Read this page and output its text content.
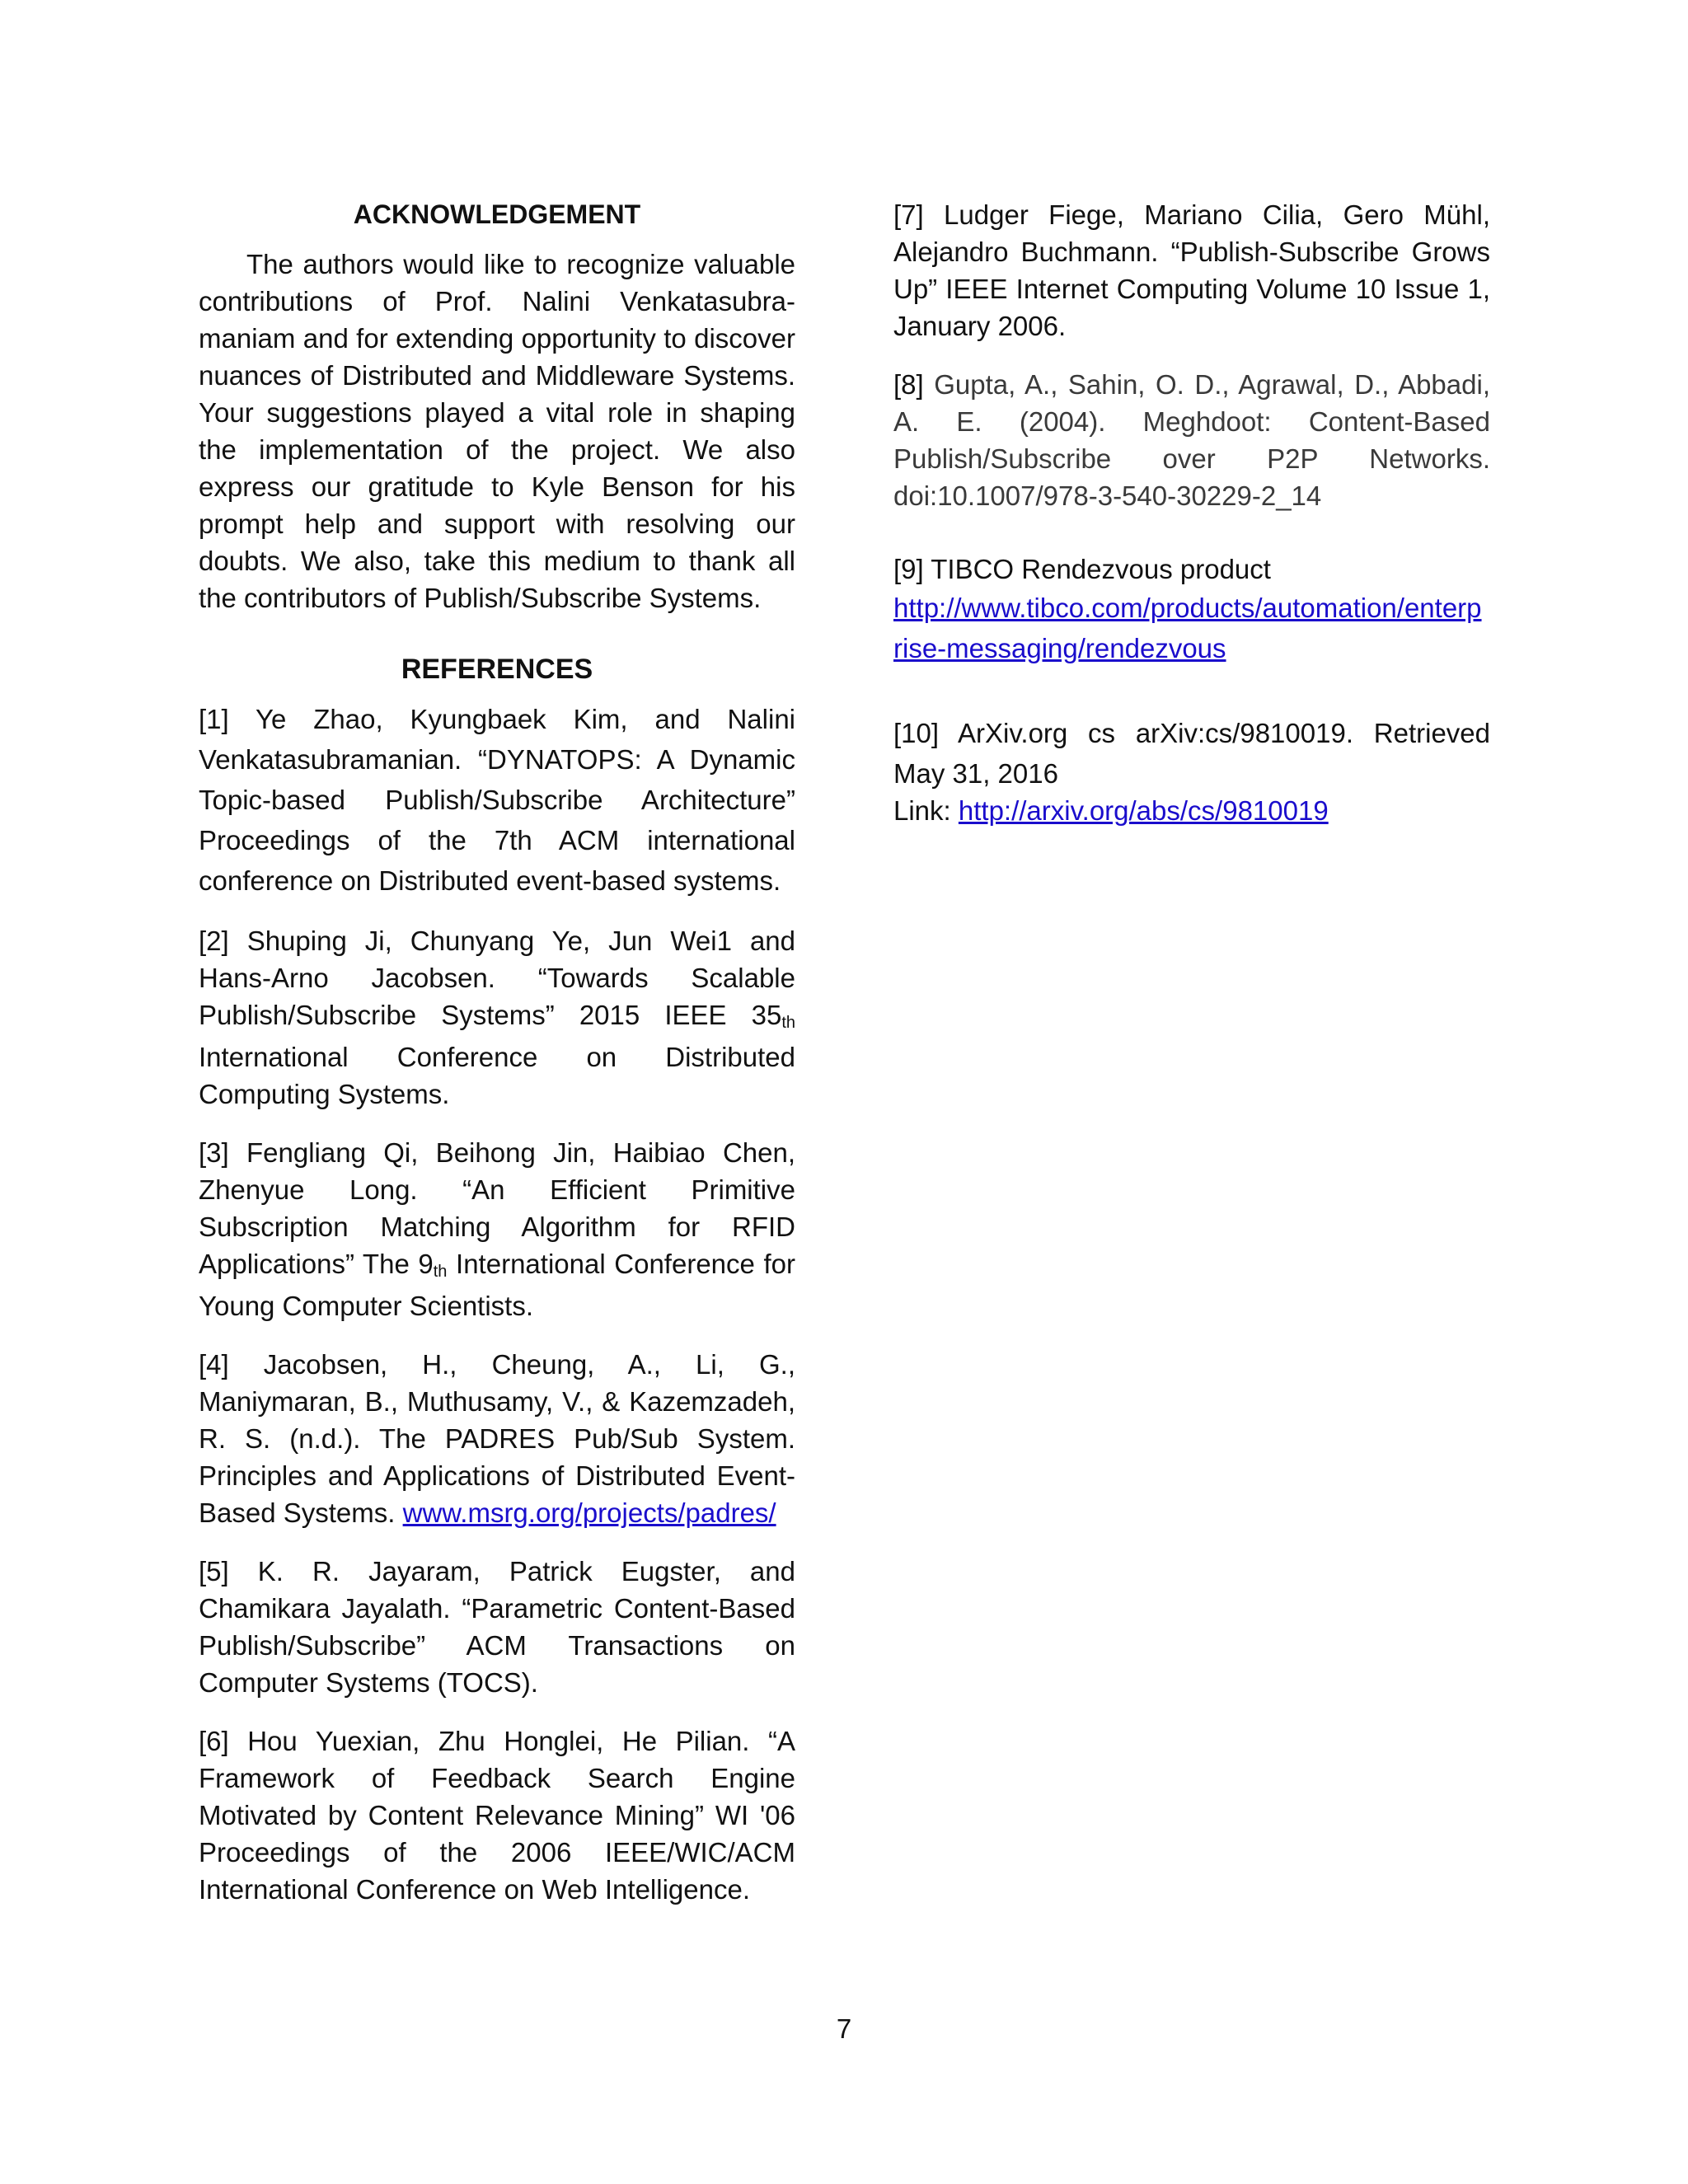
ACKNOWLEDGEMENT

The authors would like to recognize valuable contributions of Prof. Nalini Venkatasubra-maniam and for extending opportunity to discover nuances of Distributed and Middleware Systems. Your suggestions played a vital role in shaping the implementation of the project. We also express our gratitude to Kyle Benson for his prompt help and support with resolving our doubts. We also, take this medium to thank all the contributors of Publish/Subscribe Systems.

REFERENCES

[1] Ye Zhao, Kyungbaek Kim, and Nalini Venkatasubramanian. “DYNATOPS: A Dynamic Topic-based Publish/Subscribe Architecture” Proceedings of the 7th ACM international conference on Distributed event-based systems.

[2] Shuping Ji, Chunyang Ye, Jun Wei1 and Hans-Arno Jacobsen. “Towards Scalable Publish/Subscribe Systems” 2015 IEEE 35th International Conference on Distributed Computing Systems.

[3] Fengliang Qi, Beihong Jin, Haibiao Chen, Zhenyue Long. “An Efficient Primitive Subscription Matching Algorithm for RFID Applications” The 9th International Conference for Young Computer Scientists.

[4] Jacobsen, H., Cheung, A., Li, G., Maniymaran, B., Muthusamy, V., & Kazemzadeh, R. S. (n.d.). The PADRES Pub/Sub System. Principles and Applications of Distributed Event-Based Systems. www.msrg.org/projects/padres/

[5] K. R. Jayaram, Patrick Eugster, and Chamikara Jayalath. “Parametric Content-Based Publish/Subscribe” ACM Transactions on Computer Systems (TOCS).

[6] Hou Yuexian, Zhu Honglei, He Pilian. “A Framework of Feedback Search Engine Motivated by Content Relevance Mining” WI '06 Proceedings of the 2006 IEEE/WIC/ACM International Conference on Web Intelligence.

[7] Ludger Fiege, Mariano Cilia, Gero Mühl, Alejandro Buchmann. “Publish-Subscribe Grows Up” IEEE Internet Computing Volume 10 Issue 1, January 2006.

[8] Gupta, A., Sahin, O. D., Agrawal, D., Abbadi, A. E. (2004). Meghdoot: Content-Based Publish/Subscribe over P2P Networks. doi:10.1007/978-3-540-30229-2_14

[9] TIBCO Rendezvous product
http://www.tibco.com/products/automation/enterprise-messaging/rendezvous

[10] ArXiv.org cs arXiv:cs/9810019. Retrieved
May 31, 2016
Link: http://arxiv.org/abs/cs/9810019

7
